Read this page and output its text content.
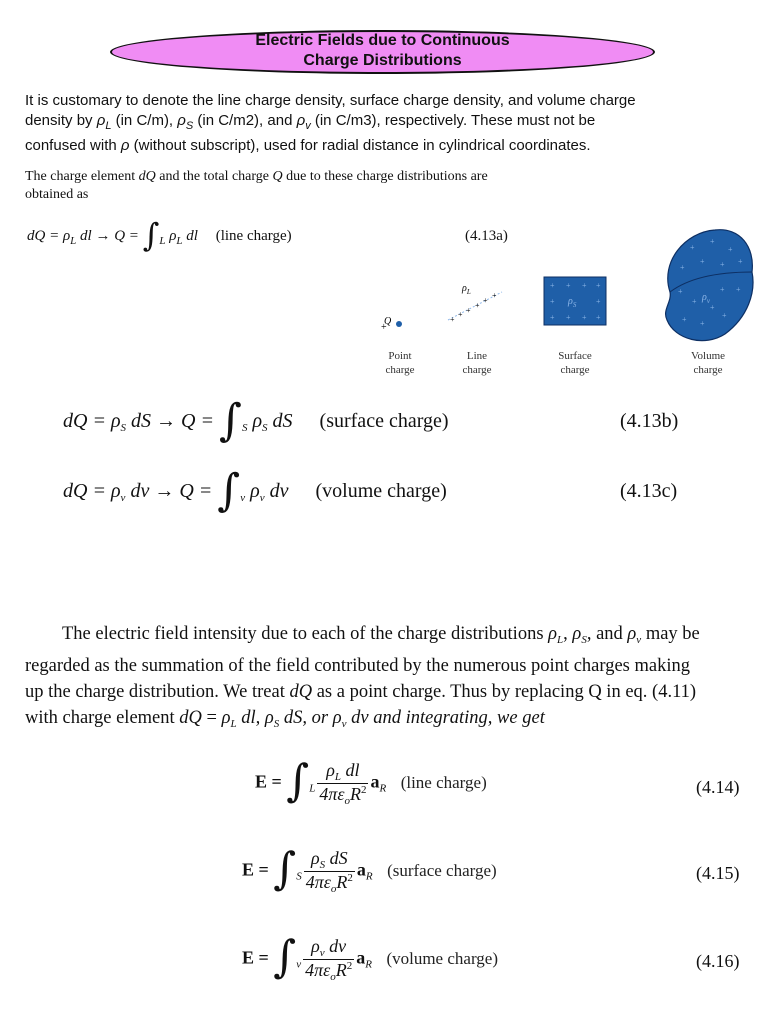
Electric Fields due to Continuous
Charge Distributions
It is customary to denote the line charge density, surface charge density, and volume charge
density by $\rho_L$ (in C/m), $\rho_S$ (in C/m2), and $\rho_v$ (in C/m3), respectively. These must not be
confused with ρ (without subscript), used for radial distance in cylindrical coordinates.
The charge element dQ and the total charge Q due to these charge distributions are
obtained as
dQ = $\rho_L$ dl → $Q = \int_L$ $\rho_L$ dl (line charge)	(4.13a)
Q
+
+
+ +
+
+
+
$\rho_L$
+ + + +
+	+
+ + + +
$\rho_S$
+
+
+
+
+ + +
+
+
+ +
+ +
+
+
$\rho_v$
Point
charge
Line
charge
Surface
charge
Volume
charge
dQ = $\rho_S$ dS → $Q = \int_S$ $\rho_S$ dS (surface charge)	(4.13b)
dQ = $\rho_v$ dv → $Q = \int_v$ $\rho_v$ dv (volume charge)	(4.13c)
The electric field intensity due to each of the charge distributions $\rho_L$, $\rho_S$, and $\rho_v$ may be
regarded as the summation of the field contributed by the numerous point charges making
up the charge distribution. We treat dQ as a point charge. Thus by replacing Q in eq. (4.11)
with charge element dQ = $\rho_L$ dl, $\rho_S$ dS, or $\rho_v$ dv and integrating, we get
$E = \int_L \frac{\rho_L dl}{4\pi\varepsilon_oR^2} a_R$ (line charge)	(4.14)
$E = \int_S \frac{\rho_S dS}{4\pi\varepsilon_oR^2} a_R$ (surface charge)	(4.15)
$E = \int_v \frac{\rho_v dv}{4\pi\varepsilon_oR^2} a_R$ (volume charge)	(4.16)
